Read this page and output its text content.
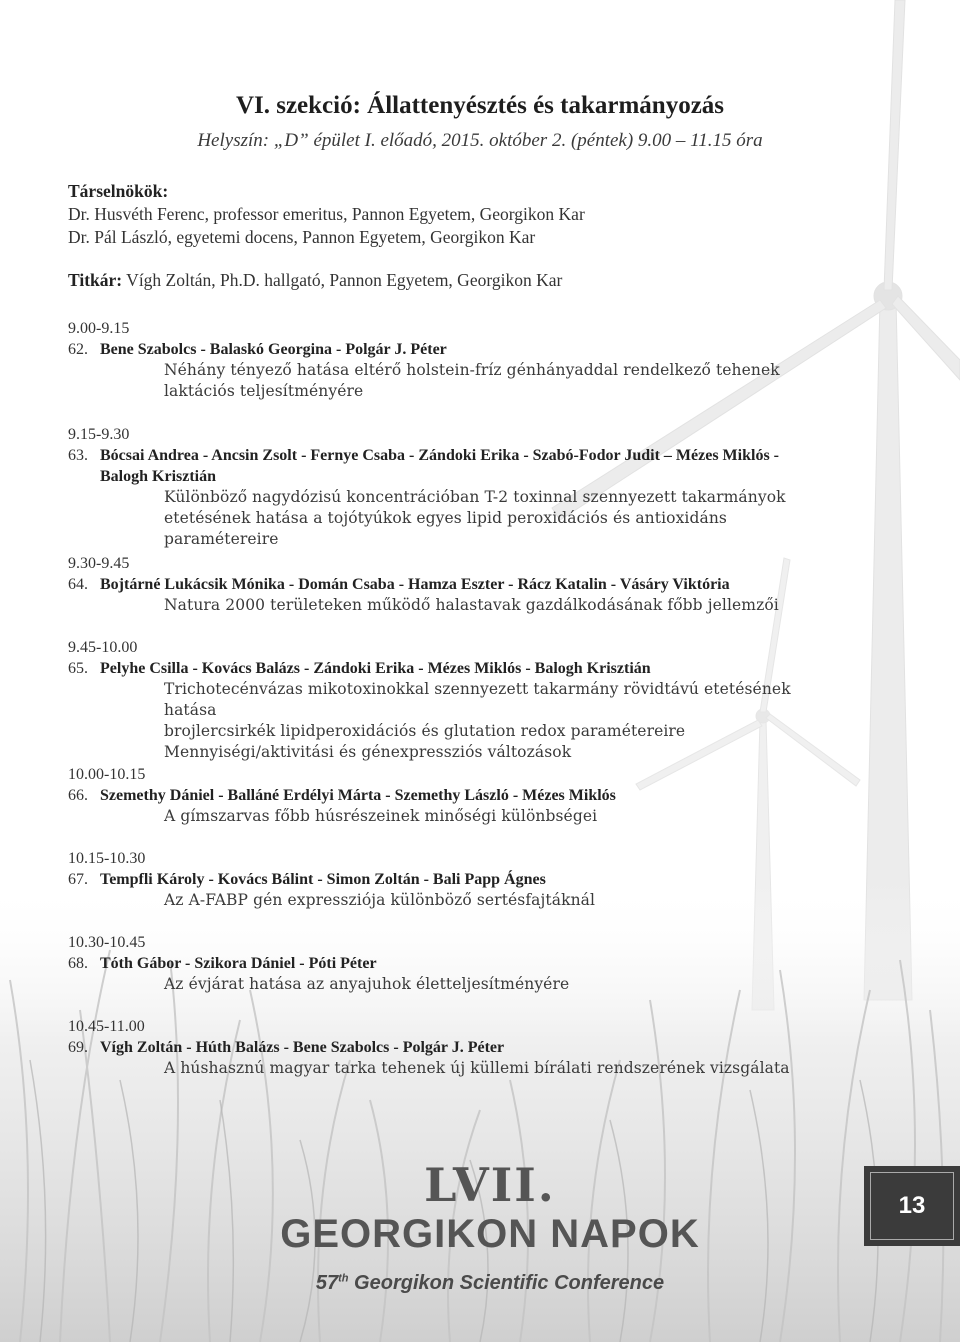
VI. szekció: Állattenyésztés és takarmányozás
Helyszín: „D” épület I. előadó, 2015. október 2. (péntek) 9.00 – 11.15 óra
Társelnökök:
Dr. Husvéth Ferenc, professor emeritus, Pannon Egyetem, Georgikon Kar
Dr. Pál László, egyetemi docens, Pannon Egyetem, Georgikon Kar
Titkár: Vígh Zoltán, Ph.D. hallgató, Pannon Egyetem, Georgikon Kar
9.00-9.15
62. Bene Szabolcs - Balaskó Georgina - Polgár J. Péter
Néhány tényező hatása eltérő holstein-fríz génhányaddal rendelkező tehenek
laktációs teljesítményére
9.15-9.30
63. Bócsai Andrea - Ancsin Zsolt - Fernye Csaba - Zándoki Erika - Szabó-Fodor Judit – Mézes Miklós - Balogh Krisztián
Különböző nagydózisú koncentrációban T-2 toxinnal szennyezett takarmányok
etetésének hatása a tojótyúkok egyes lipid peroxidációs és antioxidáns paramétereire
9.30-9.45
64. Bojtárné Lukácsik Mónika - Domán Csaba - Hamza Eszter - Rácz Katalin - Vásáry Viktória
Natura 2000 területeken működő halastavak gazdálkodásának főbb jellemzői
9.45-10.00
65. Pelyhe Csilla - Kovács Balázs - Zándoki Erika - Mézes Miklós - Balogh Krisztián
Trichotecénvázas mikotoxinokkal szennyezett takarmány rövidtávú etetésének hatása
brojlercsirkék lipidperoxidációs és glutation redox paramétereire
Mennyiségi/aktivitási és génexpressziós változások
10.00-10.15
66. Szemethy Dániel - Balláné Erdélyi Márta - Szemethy László - Mézes Miklós
A gímszarvas főbb húsrészeinek minőségi különbségei
10.15-10.30
67. Tempfli Károly - Kovács Bálint - Simon Zoltán - Bali Papp Ágnes
Az A-FABP gén expressziója különböző sertésfajtáknál
10.30-10.45
68. Tóth Gábor - Szikora Dániel - Póti Péter
Az évjárat hatása az anyajuhok életteljesítményére
10.45-11.00
69. Vígh Zoltán - Húth Balázs - Bene Szabolcs - Polgár J. Péter
A húshasznú magyar tarka tehenek új küllemi bírálati rendszerének vizsgálata
LVII.
GEORGIKON NAPOK
57th Georgikon Scientific Conference
13
